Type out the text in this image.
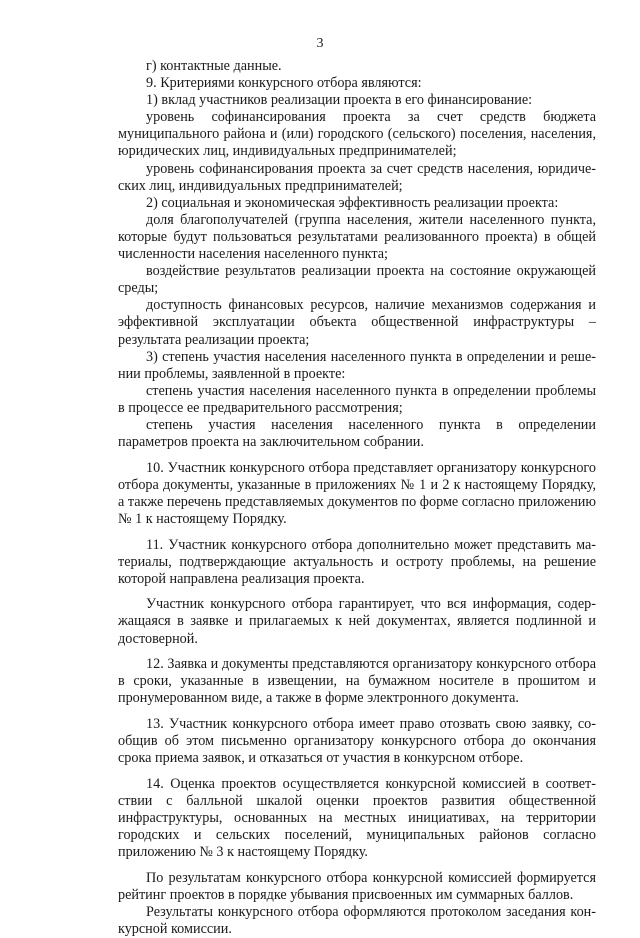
3

г) контактные данные.

9. Критериями конкурсного отбора являются:

1) вклад участников реализации проекта в его финансирование:

уровень софинансирования проекта за счет средств бюджета муниципального района и (или) городского (сельского) поселения, населения, юридических лиц, индивидуальных предпринимателей;

уровень софинансирования проекта за счет средств населения, юридических лиц, индивидуальных предпринимателей;

2) социальная и экономическая эффективность реализации проекта:

доля благополучателей (группа населения, жители населенного пункта, которые будут пользоваться результатами реализованного проекта) в общей численности населения населенного пункта;

воздействие результатов реализации проекта на состояние окружающей среды;

доступность финансовых ресурсов, наличие механизмов содержания и эффективной эксплуатации объекта общественной инфраструктуры – результата реализации проекта;

3) степень участия населения населенного пункта в определении и решении проблемы, заявленной в проекте:

степень участия населения населенного пункта в определении проблемы в процессе ее предварительного рассмотрения;

степень участия населения населенного пункта в определении параметров проекта на заключительном собрании.

10. Участник конкурсного отбора представляет организатору конкурсного отбора документы, указанные в приложениях № 1 и 2 к настоящему Порядку, а также перечень представляемых документов по форме согласно приложению № 1 к настоящему Порядку.

11. Участник конкурсного отбора дополнительно может представить материалы, подтверждающие актуальность и остроту проблемы, на решение которой направлена реализация проекта.

Участник конкурсного отбора гарантирует, что вся информация, содержащаяся в заявке и прилагаемых к ней документах, является подлинной и достоверной.

12. Заявка и документы представляются организатору конкурсного отбора в сроки, указанные в извещении, на бумажном носителе в прошитом и пронумерованном виде, а также в форме электронного документа.

13. Участник конкурсного отбора имеет право отозвать свою заявку, сообщив об этом письменно организатору конкурсного отбора до окончания срока приема заявок, и отказаться от участия в конкурсном отборе.

14. Оценка проектов осуществляется конкурсной комиссией в соответствии с балльной шкалой оценки проектов развития общественной инфраструктуры, основанных на местных инициативах, на территории городских и сельских поселений, муниципальных районов согласно приложению № 3 к настоящему Порядку.

По результатам конкурсного отбора конкурсной комиссией формируется рейтинг проектов в порядке убывания присвоенных им суммарных баллов.

Результаты конкурсного отбора оформляются протоколом заседания конкурсной комиссии.
